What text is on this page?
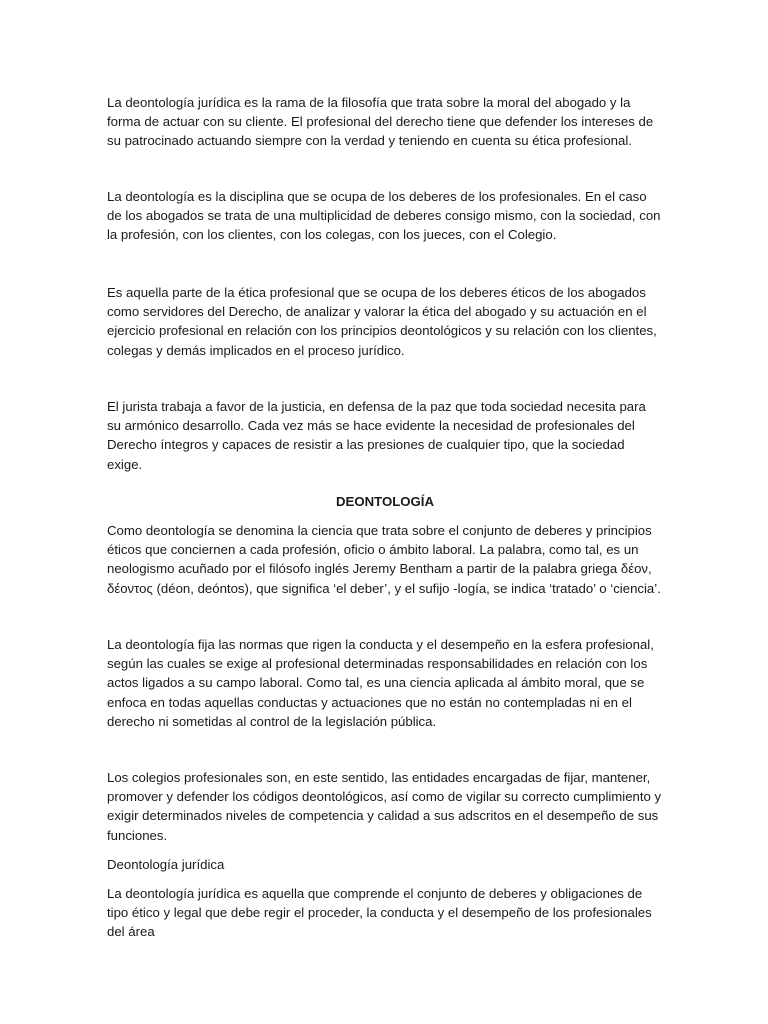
La deontología jurídica es la rama de la filosofía que trata sobre la moral del abogado y la forma de actuar con su cliente. El profesional del derecho tiene que defender los intereses de su patrocinado actuando siempre con la verdad y teniendo en cuenta su ética profesional.

La deontología es la disciplina que se ocupa de los deberes de los profesionales. En el caso de los abogados se trata de una multiplicidad de deberes consigo mismo, con la sociedad, con la profesión, con los clientes, con los colegas, con los jueces, con el Colegio.

Es aquella parte de la ética profesional que se ocupa de los deberes éticos de los abogados como servidores del Derecho, de analizar y valorar la ética del abogado y su actuación en el ejercicio profesional en relación con los principios deontológicos y su relación con los clientes, colegas y demás implicados en el proceso jurídico.

El jurista trabaja a favor de la justicia, en defensa de la paz que toda sociedad necesita para su armónico desarrollo. Cada vez más se hace evidente la necesidad de profesionales del Derecho íntegros y capaces de resistir a las presiones de cualquier tipo, que la sociedad exige.

DEONTOLOGÍA

Como deontología se denomina la ciencia que trata sobre el conjunto de deberes y principios éticos que conciernen a cada profesión, oficio o ámbito laboral. La palabra, como tal, es un neologismo acuñado por el filósofo inglés Jeremy Bentham a partir de la palabra griega δέον, δέοντος (déon, deóntos), que significa ‘el deber’, y el sufijo -logía, se indica ‘tratado’ o ‘ciencia’.

La deontología fija las normas que rigen la conducta y el desempeño en la esfera profesional, según las cuales se exige al profesional determinadas responsabilidades en relación con los actos ligados a su campo laboral. Como tal, es una ciencia aplicada al ámbito moral, que se enfoca en todas aquellas conductas y actuaciones que no están no contempladas ni en el derecho ni sometidas al control de la legislación pública.

Los colegios profesionales son, en este sentido, las entidades encargadas de fijar, mantener, promover y defender los códigos deontológicos, así como de vigilar su correcto cumplimiento y exigir determinados niveles de competencia y calidad a sus adscritos en el desempeño de sus funciones.

Deontología jurídica

La deontología jurídica es aquella que comprende el conjunto de deberes y obligaciones de tipo ético y legal que debe regir el proceder, la conducta y el desempeño de los profesionales del área
